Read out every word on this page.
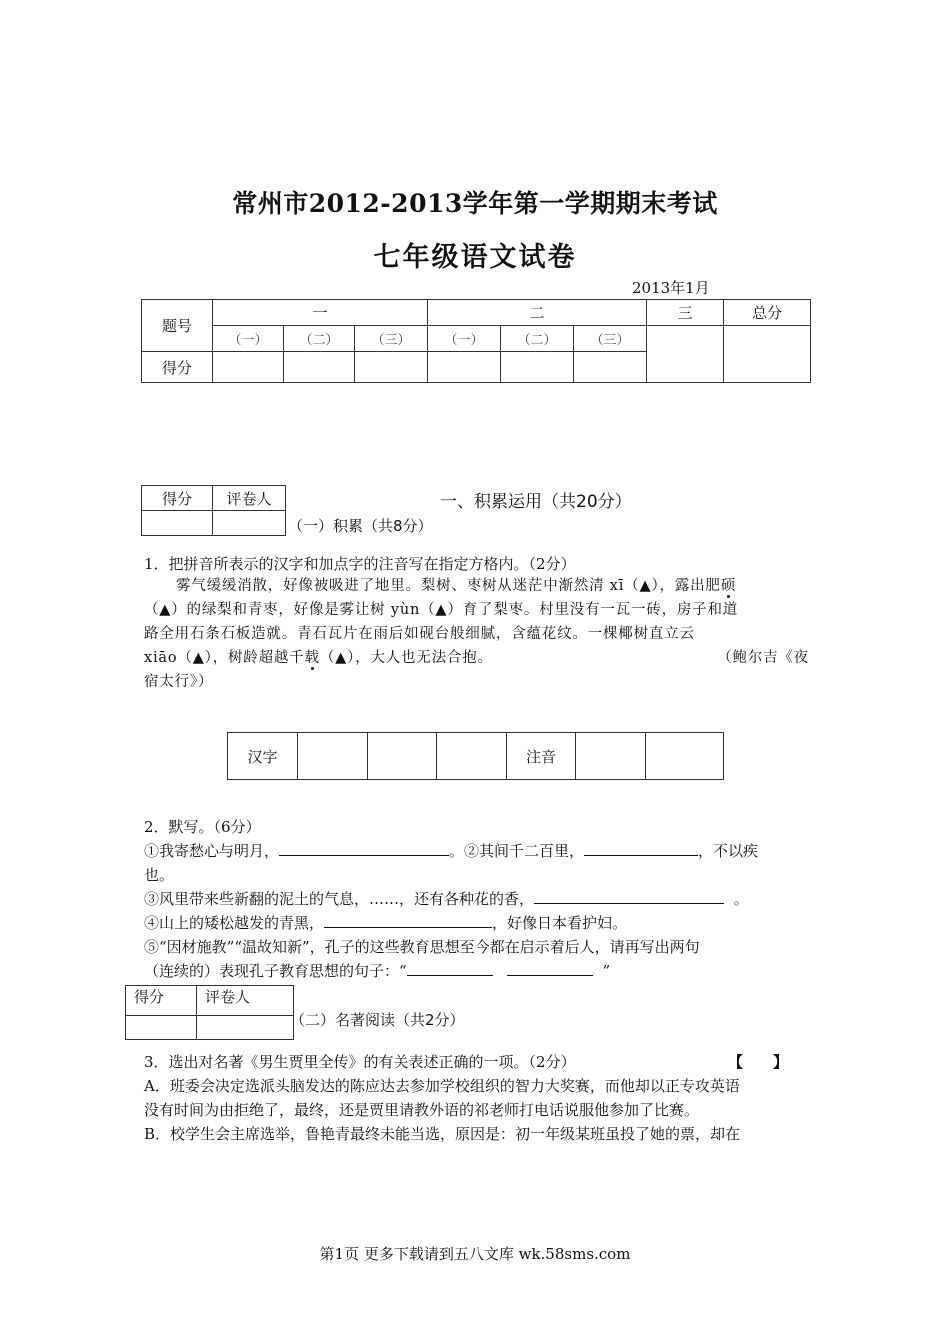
常州市2012-2013学年第一学期期末考试
七年级语文试卷
2013年1月
题号	一			二			三	总分
	（一）	（二）	（三）	（一）	（二）	（三）		
得分								
得分	评卷人
		一、积累运用（共20分）
（一）积累（共8分）
1．把拼音所表示的汉字和加点字的注音写在指定方格内。（2分）
雾气缓缓消散，好像被吸进了地里。梨树、枣树从迷茫中渐然清 xī（▲），露出肥硕
（▲）的绿梨和青枣，好像是雾让树 yùn（▲）育了梨枣。村里没有一瓦一砖，房子和道
路全用石条石板造就。青石瓦片在雨后如砚台般细腻，含蕴花纹。一棵椰树直立云
xiāo（▲），树龄超越千载（▲），大人也无法合抱。	（鲍尔吉《夜
宿太行》）
汉字				注音		
2．默写。（6分）
①我寄愁心与明月，	。②其间千二百里，	，不以疾
也。
③风里带来些新翻的泥土的气息，……，还有各种花的香，	。
④山上的矮松越发的青黑，	，好像日本看护妇。
⑤“因材施教”“温故知新”，孔子的这些教育思想至今都在启示着后人，请再写出两句
（连续的）表现孔子教育思想的句子：“	”
得分	评卷人

（二）名著阅读（共2分）
3．选出对名著《男生贾里全传》的有关表述正确的一项。（2分）	【　　】
A．班委会决定选派头脑发达的陈应达去参加学校组织的智力大奖赛，而他却以正专攻英语
没有时间为由拒绝了，最终，还是贾里请教外语的祁老师打电话说服他参加了比赛。
B．校学生会主席选举，鲁艳青最终未能当选，原因是：初一年级某班虽投了她的票，却在
第1页 更多下载请到五八文库 wk.58sms.com
